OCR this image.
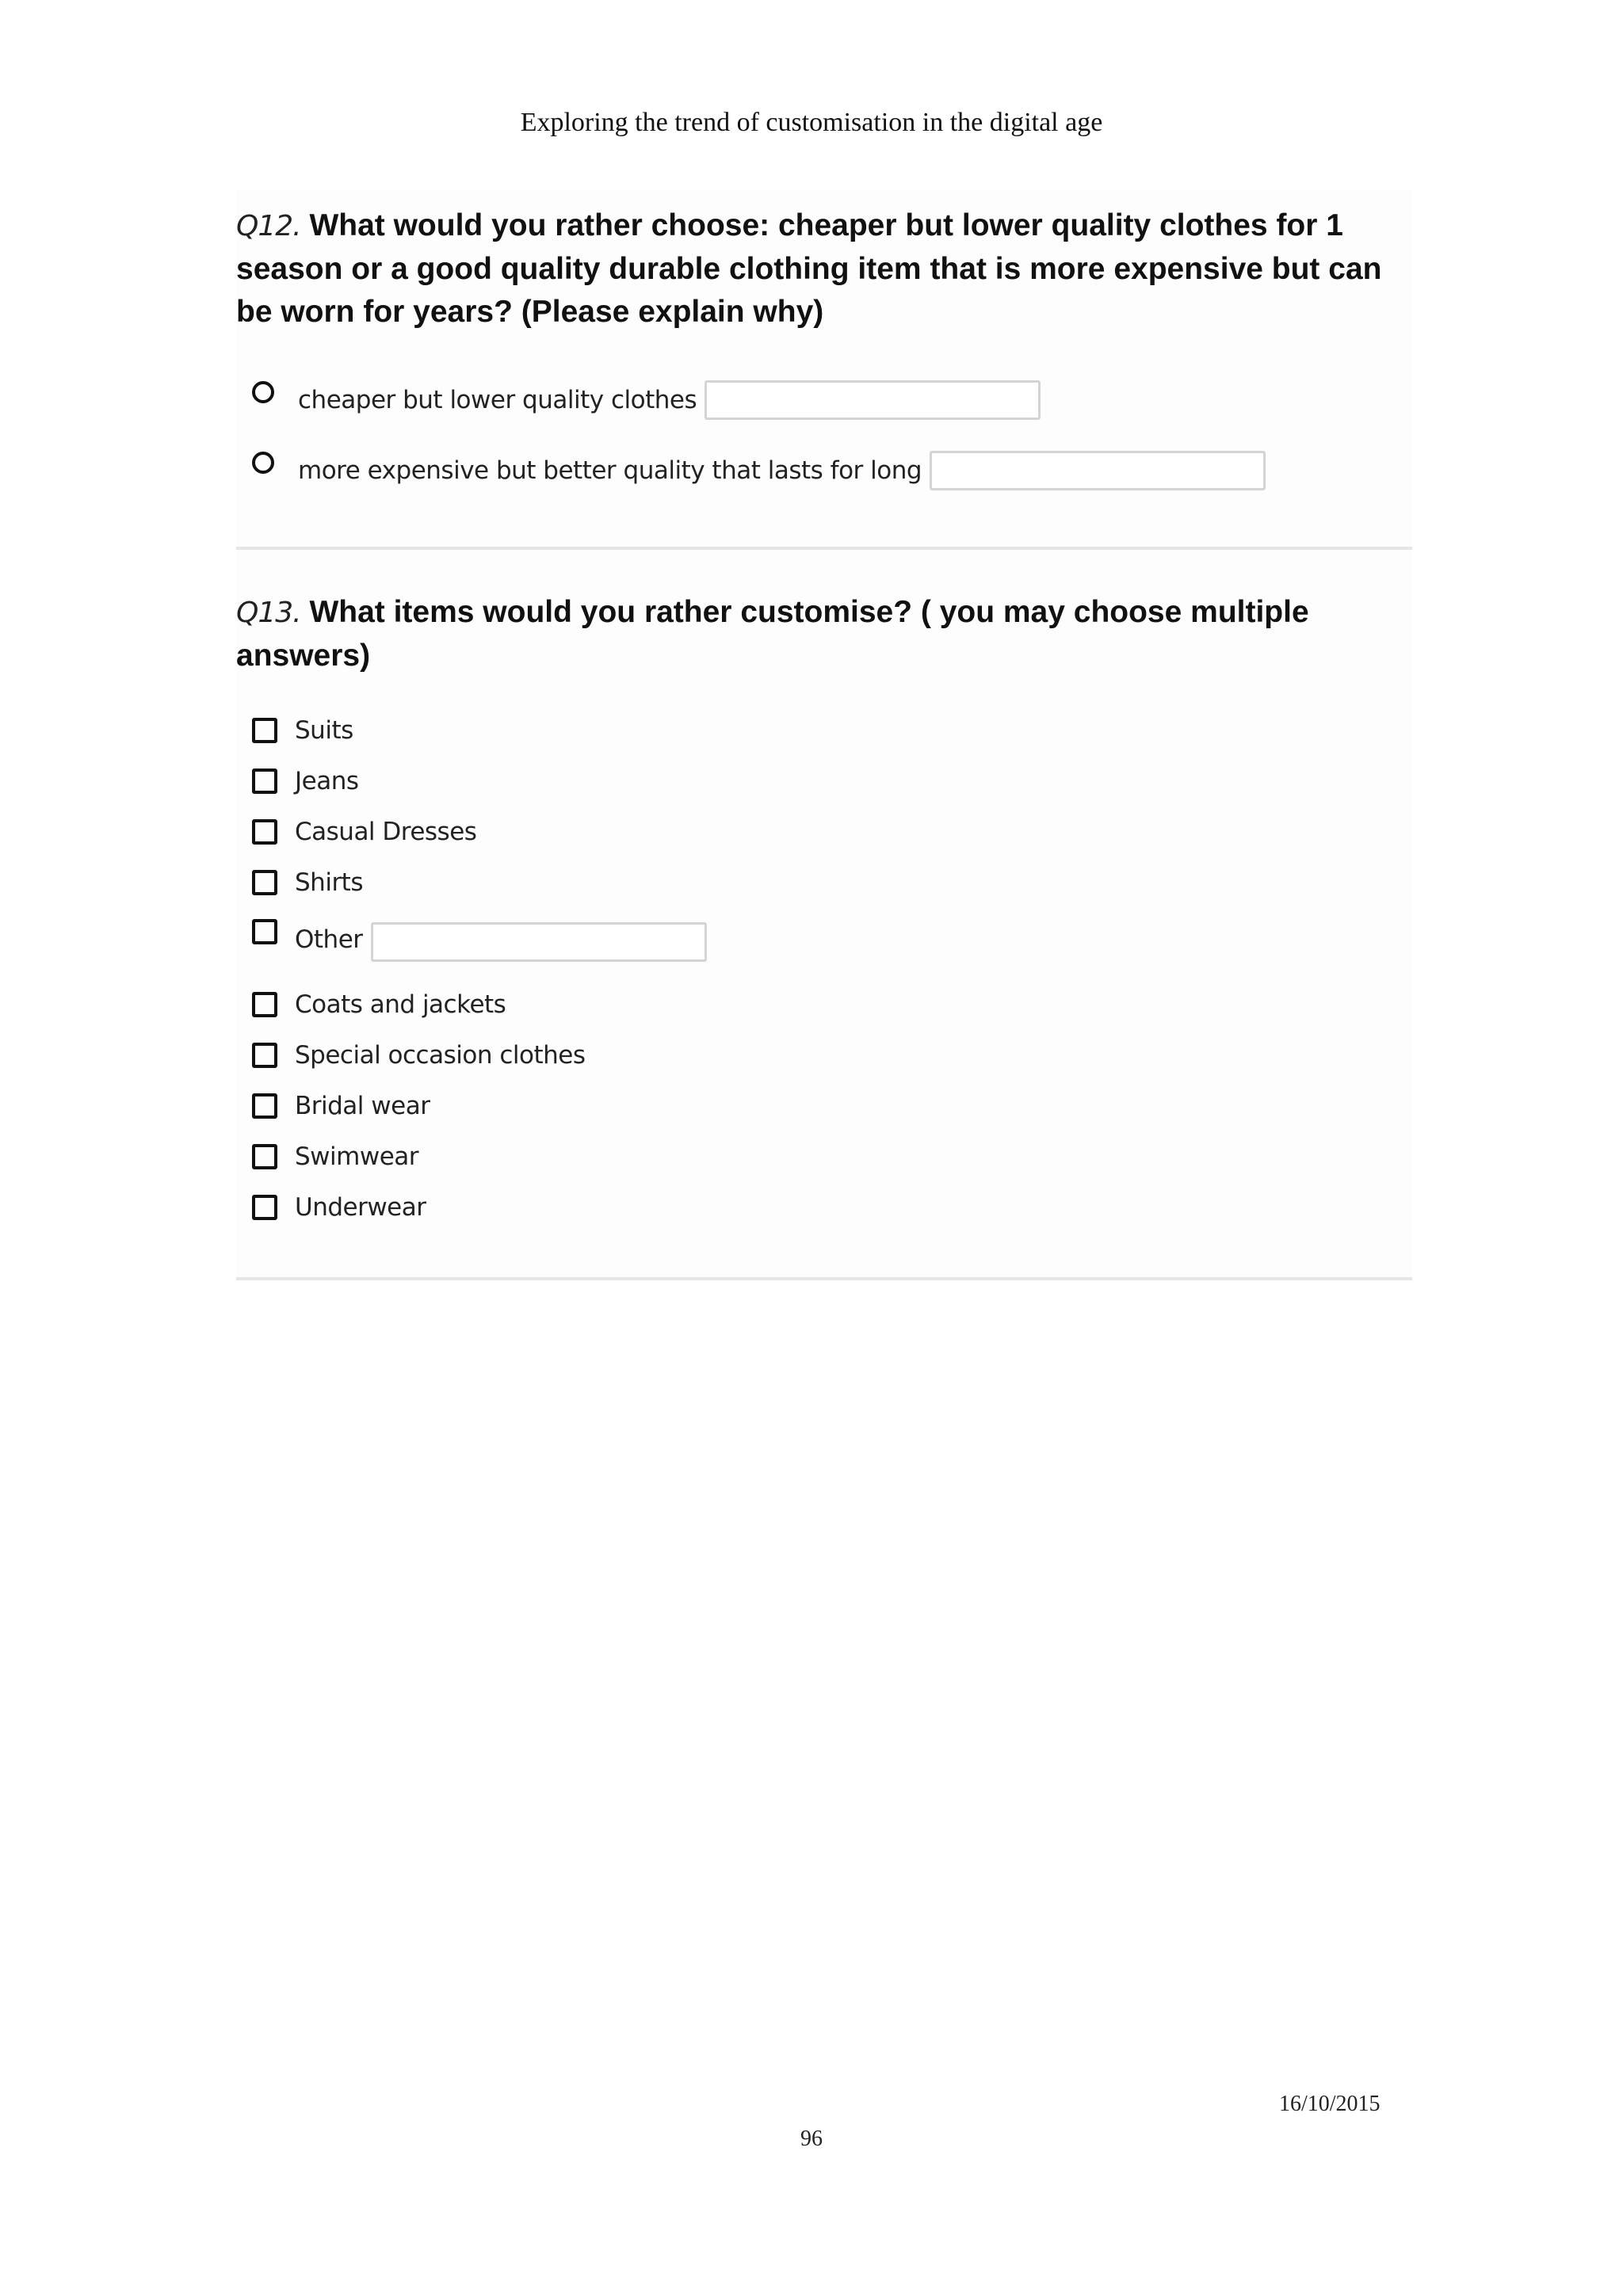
Exploring the trend of customisation in the digital age

Q12. What would you rather choose: cheaper but lower quality clothes for 1 season or a good quality durable clothing item that is more expensive but can be worn for years? (Please explain why)

cheaper but lower quality clothes
more expensive but better quality that lasts for long

Q13. What items would you rather customise? ( you may choose multiple answers)

Suits
Jeans
Casual Dresses
Shirts
Other
Coats and jackets
Special occasion clothes
Bridal wear
Swimwear
Underwear
16/10/2015
96
